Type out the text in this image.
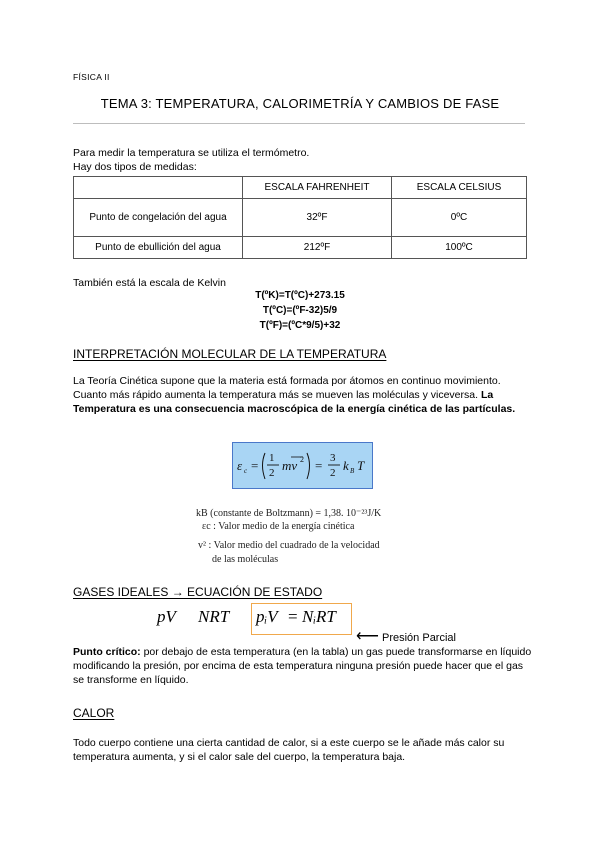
FÍSICA II
TEMA 3: TEMPERATURA, CALORIMETRÍA Y CAMBIOS DE FASE
Para medir la temperatura se utiliza el termómetro.
Hay dos tipos de medidas:
	ESCALA FAHRENHEIT	ESCALA CELSIUS
Punto de congelación del agua	32ºF	0ºC
Punto de ebullición del agua	212ºF	100ºC
También está la escala de Kelvin
T(ºK)=T(ºC)+273.15
T(ºC)=(ºF-32)5/9
T(ºF)=(ºC*9/5)+32
INTERPRETACIÓN MOLECULAR DE LA TEMPERATURA
La Teoría Cinética supone que la materia está formada por átomos en continuo movimiento. Cuanto más rápido aumenta la temperatura más se mueven las moléculas y viceversa. La Temperatura es una consecuencia macroscópica de la energía cinética de las partículas.
ε c = 1
2 mv 2 = 3
2 k B T
kB (constante de Boltzmann) = 1,38. 10⁻²³J/K
εc : Valor medio de la energía cinética
v² : Valor medio del cuadrado de la velocidad
de las moléculas
GASES IDEALES → ECUACIÓN DE ESTADO
pV NRT pᵢV = NᵢRT
⟵ Presión Parcial
Punto crítico: por debajo de esta temperatura (en la tabla) un gas puede transformarse en líquido modificando la presión, por encima de esta temperatura ninguna presión puede hacer que el gas se transforme en líquido.
CALOR
Todo cuerpo contiene una cierta cantidad de calor, si a este cuerpo se le añade más calor su temperatura aumenta, y si el calor sale del cuerpo, la temperatura baja.
